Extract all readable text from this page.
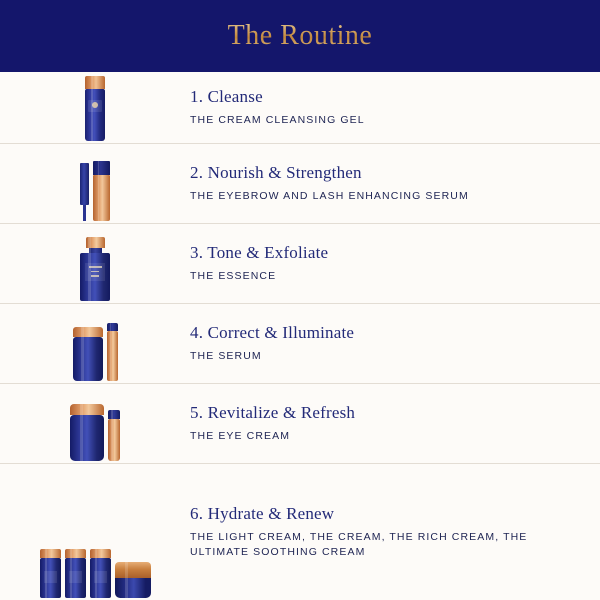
The Routine

1. Cleanse

THE CREAM CLEANSING GEL

2. Nourish & Strengthen

THE EYEBROW AND LASH ENHANCING SERUM

3. Tone & Exfoliate

THE ESSENCE

4. Correct & Illuminate

THE SERUM

5. Revitalize & Refresh

THE EYE CREAM

6. Hydrate & Renew

THE LIGHT CREAM, THE CREAM, THE RICH CREAM, THE ULTIMATE SOOTHING CREAM
